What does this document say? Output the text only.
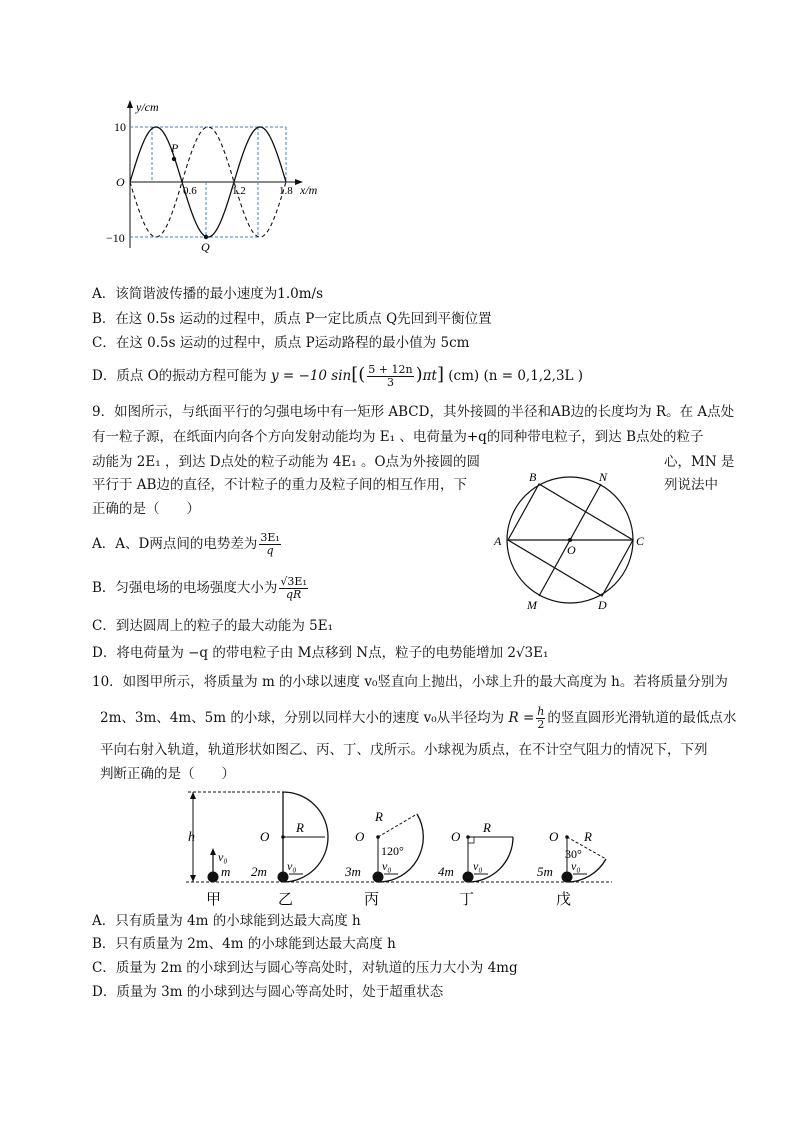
y/cm
x/m
O
10
−10
0.6	1.2	1.8
P
Q
A．该简谐波传播的最小速度为1.0m/s
B．在这 0.5s 运动的过程中，质点 P一定比质点 Q先回到平衡位置
C．在这 0.5s 运动的过程中，质点 P运动路程的最小值为 5cm
D．质点 O的振动方程可能为 y = −10 $\sin[( \frac{5 + 12n}{3} )\pi t]$ (cm) (n = 0,1,2,3L )
9．如图所示，与纸面平行的匀强电场中有一矩形 ABCD，其外接圆的半径和AB边的长度均为 R。在 A点处
有一粒子源，在纸面内向各个方向发射动能均为 E₁ 、电荷量为+q的同种带电粒子，到达 B点处的粒子
动能为 2E₁ ，到达 D点处的粒子动能为 4E₁ 。O点为外接圆的圆	心，MN 是
平行于 AB边的直径，不计粒子的重力及粒子间的相互作用，下	列说法中
正确的是（　　）
A．A、D两点间的电势差为 $\frac{\text{3E₁}}{q}$
B．匀强电场的电场强度大小为 $\frac{\text{√3E₁}}{qR}$
C．到达圆周上的粒子的最大动能为 5E₁
D．将电荷量为 −q 的带电粒子由 M点移到 N点，粒子的电势能增加 2√3E₁
A
B
C
D
O
M
N
10．如图甲所示，将质量为 m 的小球以速度 v₀竖直向上抛出，小球上升的最大高度为 h。若将质量分别为
2m、3m、4m、5m 的小球，分别以同样大小的速度 v₀从半径均为 $R = \frac{h}{2}$ 的竖直圆形光滑轨道的最低点水
平向右射入轨道，轨道形状如图乙、丙、丁、戊所示。小球视为质点，在不计空气阻力的情况下，下列
判断正确的是（　　）
h
v₀
m
甲
O
R
v₀
2m
乙
O
R
120°
v₀
3m
丙
O
R
v₀
4m
丁
O R
30°
v₀
5m
戊
A．只有质量为 4m 的小球能到达最大高度 h
B．只有质量为 2m、4m 的小球能到达最大高度 h
C．质量为 2m 的小球到达与圆心等高处时，对轨道的压力大小为 4mg
D．质量为 3m 的小球到达与圆心等高处时，处于超重状态
